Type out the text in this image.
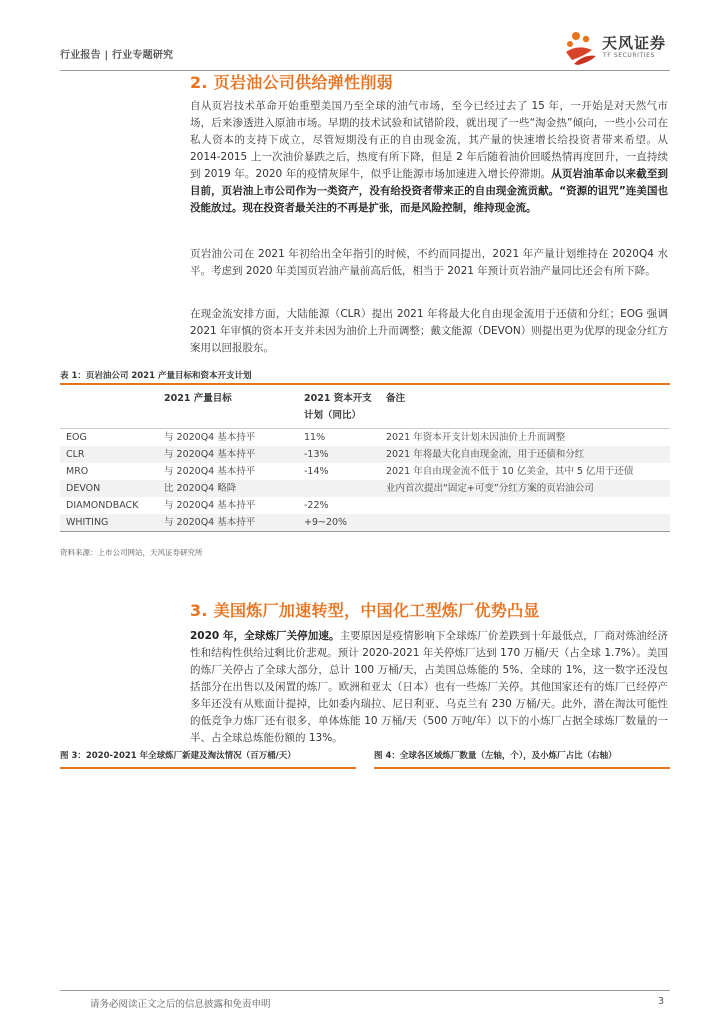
行业报告 | 行业专题研究
天风证券
TF SECURITIES
2. 页岩油公司供给弹性削弱
自从页岩技术革命开始重塑美国乃至全球的油气市场，至今已经过去了 15 年，一开始是对天然气市场，后来渗透进入原油市场。早期的技术试验和试错阶段，就出现了一些“淘金热”倾向，一些小公司在私人资本的支持下成立，尽管短期没有正的自由现金流，其产量的快速增长给投资者带来希望。从 2014-2015 上一次油价暴跌之后，热度有所下降，但是 2 年后随着油价回暖热情再度回升，一直持续到 2019 年。2020 年的疫情灰犀牛，似乎让能源市场加速进入增长停滞期。从页岩油革命以来截至到目前，页岩油上市公司作为一类资产，没有给投资者带来正的自由现金流贡献。“资源的诅咒”连美国也没能放过。现在投资者最关注的不再是扩张，而是风险控制，维持现金流。
页岩油公司在 2021 年初给出全年指引的时候，不约而同提出，2021 年产量计划维持在 2020Q4 水平。考虑到 2020 年美国页岩油产量前高后低，相当于 2021 年预计页岩油产量同比还会有所下降。
在现金流安排方面，大陆能源（CLR）提出 2021 年将最大化自由现金流用于还债和分红；EOG 强调 2021 年审慎的资本开支并未因为油价上升而调整；戴文能源（DEVON）则提出更为优厚的现金分红方案用以回报股东。
表 1：页岩油公司 2021 产量目标和资本开支计划
	2021 产量目标	2021 资本开支计划（同比）	备注
EOG	与 2020Q4 基本持平	11%	2021 年资本开支计划未因油价上升而调整
CLR	与 2020Q4 基本持平	-13%	2021 年将最大化自由现金流，用于还债和分红
MRO	与 2020Q4 基本持平	-14%	2021 年自由现金流不低于 10 亿美金，其中 5 亿用于还债
DEVON	比 2020Q4 略降		业内首次提出“固定+可变”分红方案的页岩油公司
DIAMONDBACK	与 2020Q4 基本持平	-22%	
WHITING	与 2020Q4 基本持平	+9~20%	
资料来源：上市公司网站，天风证券研究所
3. 美国炼厂加速转型，中国化工型炼厂优势凸显
2020 年，全球炼厂关停加速。主要原因是疫情影响下全球炼厂价差跌到十年最低点，厂商对炼油经济性和结构性供给过剩比价悲观。预计 2020-2021 年关停炼厂达到 170 万桶/天（占全球 1.7%）。美国的炼厂关停占了全球大部分，总计 100 万桶/天，占美国总炼能的 5%、全球的 1%，这一数字还没包括部分在出售以及闲置的炼厂。欧洲和亚太（日本）也有一些炼厂关停。其他国家还有的炼厂已经停产多年还没有从账面计提掉，比如委内瑞拉、尼日利亚、乌克兰有 230 万桶/天。此外，潜在淘汰可能性的低竞争力炼厂还有很多，单体炼能 10 万桶/天（500 万吨/年）以下的小炼厂占据全球炼厂数量的一半、占全球总炼能份额的 13%。
图 3：2020-2021 年全球炼厂新建及淘汰情况（百万桶/天）	图 4：全球各区域炼厂数量（左轴，个），及小炼厂占比（右轴）
请务必阅读正文之后的信息披露和免责申明	3
